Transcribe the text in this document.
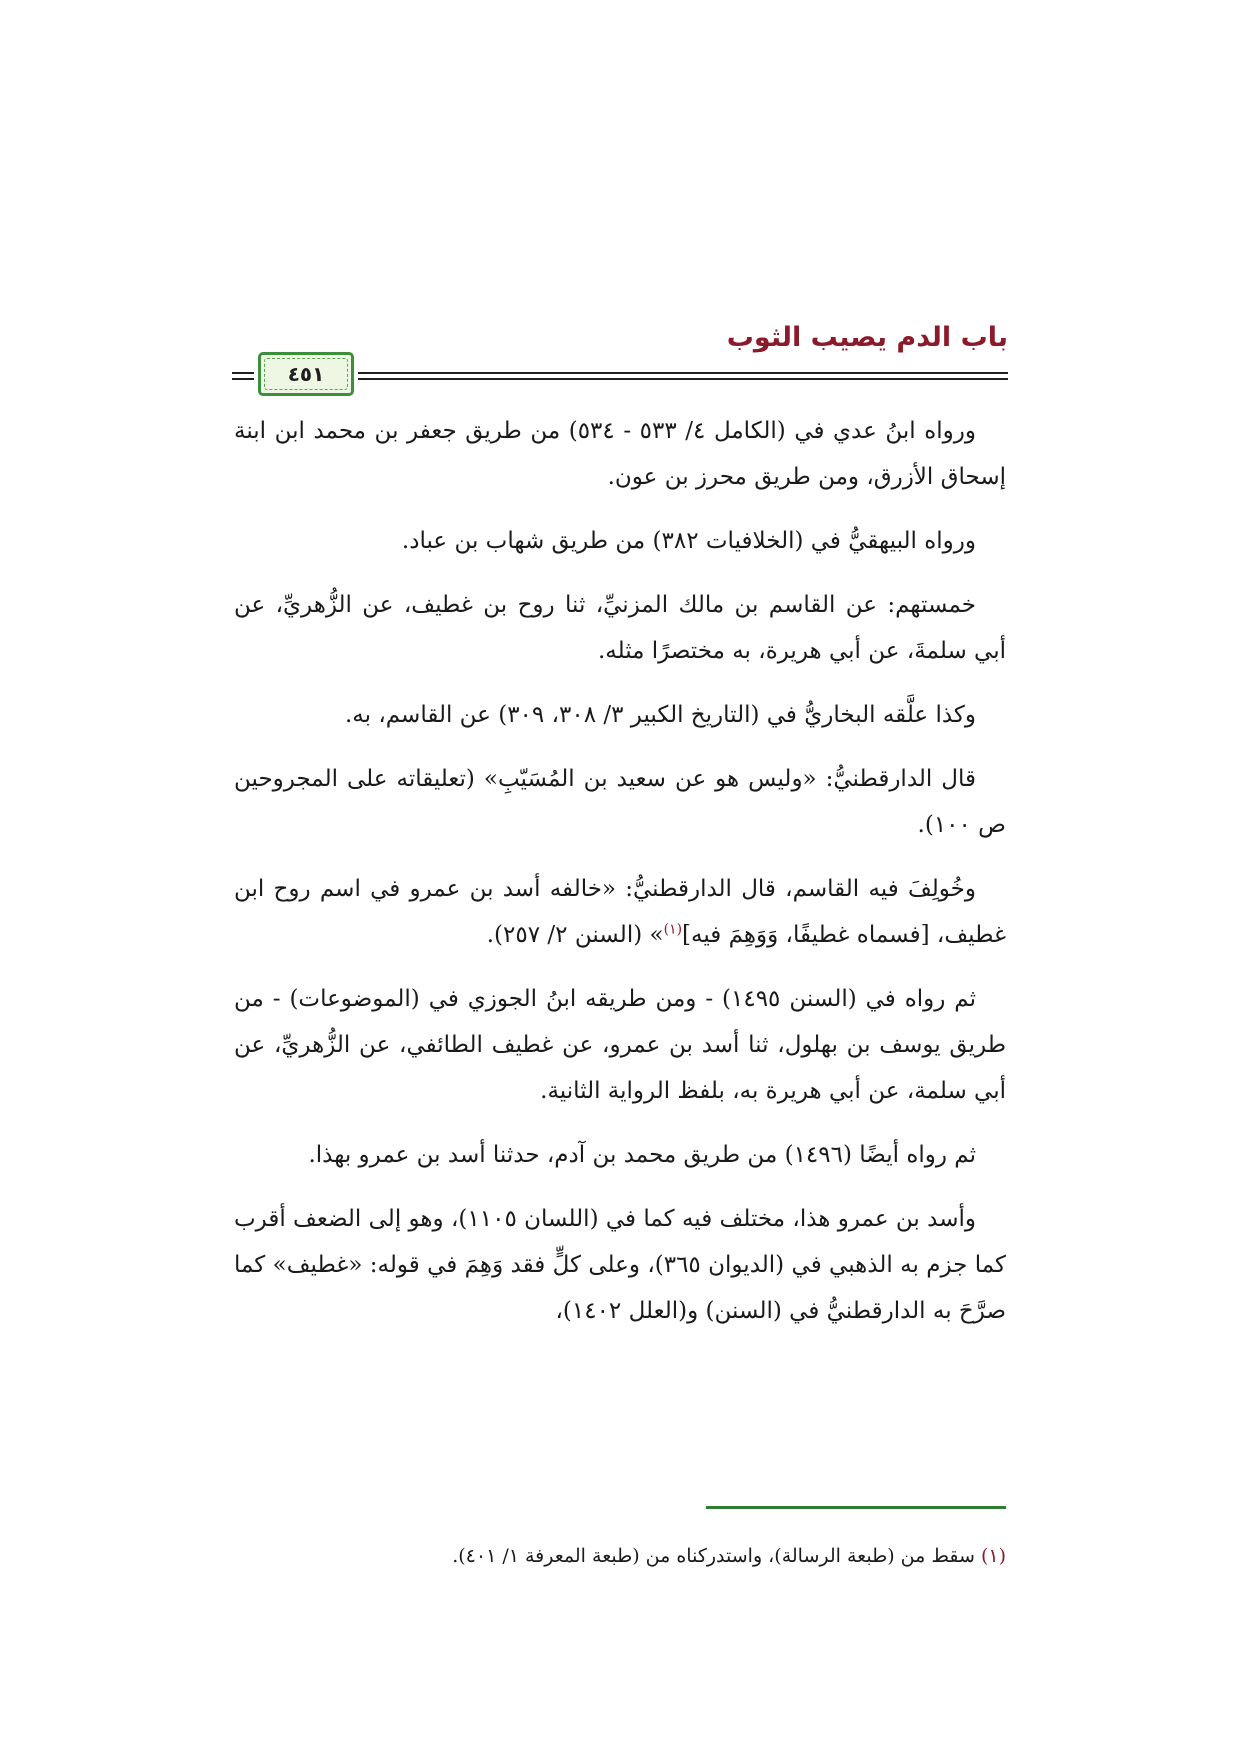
باب الدم يصيب الثوب
٤٥١

ورواه ابنُ عدي في (الكامل ٤/ ٥٣٣ - ٥٣٤) من طريق جعفر بن محمد ابن ابنة إسحاق الأزرق، ومن طريق محرز بن عون.

ورواه البيهقيُّ في (الخلافيات ٣٨٢) من طريق شهاب بن عباد.

خمستهم: عن القاسم بن مالك المزنيِّ، ثنا روح بن غطيف، عن الزُّهريِّ، عن أبي سلمةَ، عن أبي هريرة، به مختصرًا مثله.

وكذا علَّقه البخاريُّ في (التاريخ الكبير ٣/ ٣٠٨، ٣٠٩) عن القاسم، به.

قال الدارقطنيُّ: «وليس هو عن سعيد بن المُسَيّبِ» (تعليقاته على المجروحين ص ١٠٠).

وخُولِفَ فيه القاسم، قال الدارقطنيُّ: «خالفه أسد بن عمرو في اسم روح ابن غطيف، [فسماه غطيفًا، وَوَهِمَ فيه]$^{(١)}$» (السنن ٢/ ٢٥٧).

ثم رواه في (السنن ١٤٩٥) - ومن طريقه ابنُ الجوزي في (الموضوعات) - من طريق يوسف بن بهلول، ثنا أسد بن عمرو، عن غطيف الطائفي، عن الزُّهريِّ، عن أبي سلمة، عن أبي هريرة به، بلفظ الرواية الثانية.

ثم رواه أيضًا (١٤٩٦) من طريق محمد بن آدم، حدثنا أسد بن عمرو بهذا.

وأسد بن عمرو هذا، مختلف فيه كما في (اللسان ١١٠٥)، وهو إلى الضعف أقرب كما جزم به الذهبي في (الديوان ٣٦٥)، وعلى كلٍّ فقد وَهِمَ في قوله: «غطيف» كما صرَّحَ به الدارقطنيُّ في (السنن) و(العلل ١٤٠٢)،

(١) سقط من (طبعة الرسالة)، واستدركناه من (طبعة المعرفة ١/ ٤٠١).
